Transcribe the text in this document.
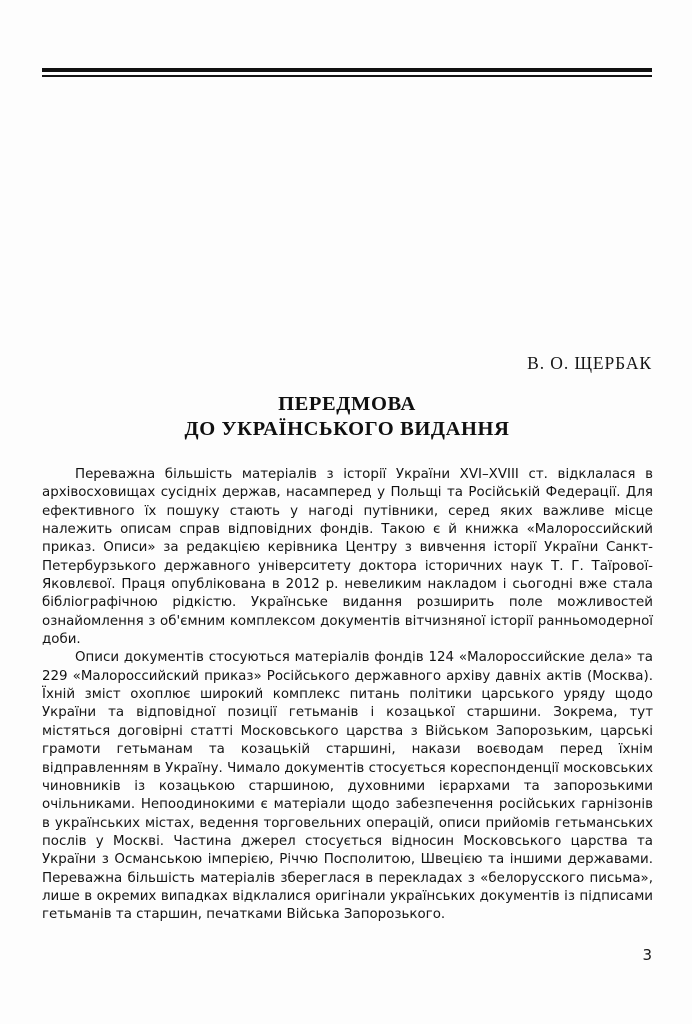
В. О. ЩЕРБАК
ПЕРЕДМОВА
ДО УКРАЇНСЬКОГО ВИДАННЯ

Переважна більшість матеріалів з історії України XVI–XVIII ст. відклалася в архівосховищах сусідніх держав, насамперед у Польщі та Російській Федерації. Для ефективного їх пошуку стають у нагоді путівники, серед яких важливе місце належить описам справ відповідних фондів. Такою є й книжка «Малороссийский приказ. Описи» за редакцією керівника Центру з вивчення історії України Санкт-Петербурзького державного університету доктора історичних наук Т. Г. Таїрової-Яковлєвої. Праця опублікована в 2012 р. невеликим накладом і сьогодні вже стала бібліографічною рідкістю. Українське видання розширить поле можливостей ознайомлення з об'ємним комплексом документів вітчизняної історії ранньомодерної доби.

Описи документів стосуються матеріалів фондів 124 «Малороссийские дела» та 229 «Малороссийский приказ» Російського державного архіву давніх актів (Москва). Їхній зміст охоплює широкий комплекс питань політики царського уряду щодо України та відповідної позиції гетьманів і козацької старшини. Зокрема, тут містяться договірні статті Московського царства з Військом Запорозьким, царські грамоти гетьманам та козацькій старшині, накази воєводам перед їхнім відправленням в Україну. Чимало документів стосується кореспонденції московських чиновників із козацькою старшиною, духовними ієрархами та запорозькими очільниками. Непоодинокими є матеріали щодо забезпечення російських гарнізонів в українських містах, ведення торговельних операцій, описи прийомів гетьманських послів у Москві. Частина джерел стосується відносин Московського царства та України з Османською імперією, Річчю Посполитою, Швецією та іншими державами. Переважна більшість матеріалів збереглася в перекладах з «белорусского письма», лише в окремих випадках відклалися оригінали українських документів із підписами гетьманів та старшин, печатками Війська Запорозького.

3
